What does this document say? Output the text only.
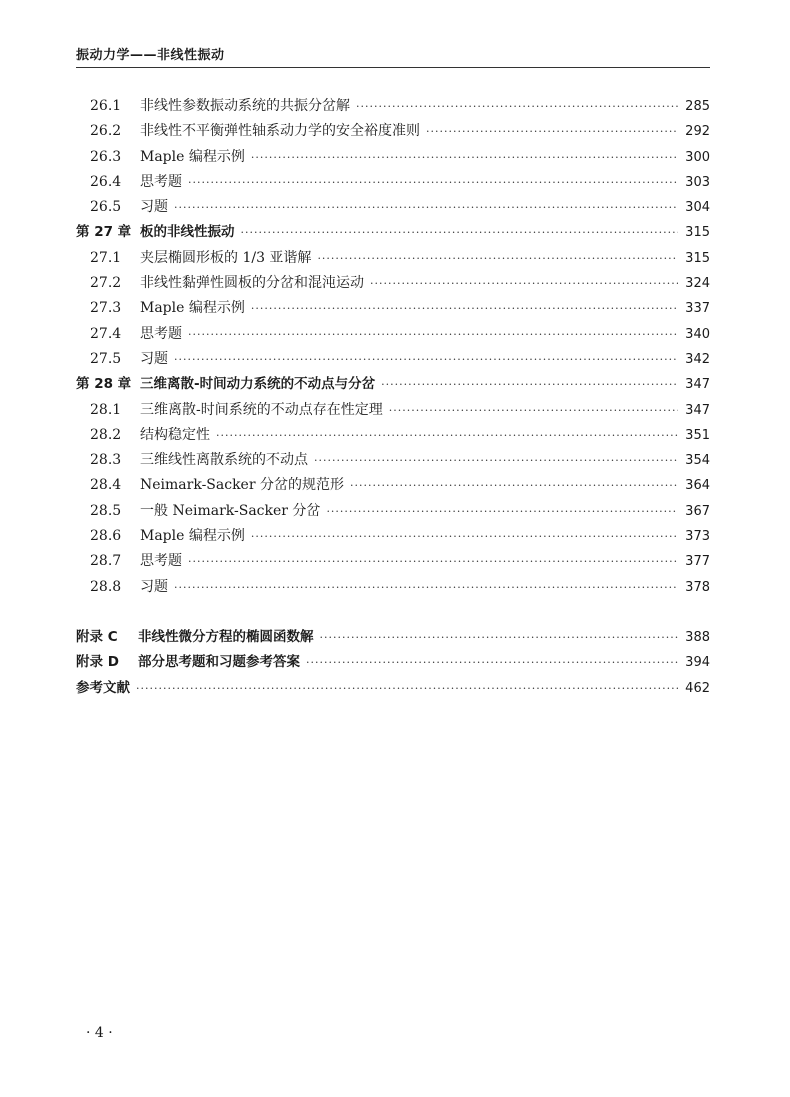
振动力学——非线性振动
26.1	非线性参数振动系统的共振分岔解 ·····	285
26.2	非线性不平衡弹性轴系动力学的安全裕度准则 ·····	292
26.3	Maple 编程示例 ·····	300
26.4	思考题 ·····	303
26.5	习题 ·····	304
第 27 章 板的非线性振动 ·····	315
27.1	夹层椭圆形板的 1/3 亚谐解 ·····	315
27.2	非线性黏弹性圆板的分岔和混沌运动 ·····	324
27.3	Maple 编程示例 ·····	337
27.4	思考题 ·····	340
27.5	习题 ·····	342
第 28 章 三维离散-时间动力系统的不动点与分岔 ·····	347
28.1	三维离散-时间系统的不动点存在性定理 ·····	347
28.2	结构稳定性 ·····	351
28.3	三维线性离散系统的不动点 ·····	354
28.4	Neimark-Sacker 分岔的规范形 ·····	364
28.5	一般 Neimark-Sacker 分岔 ·····	367
28.6	Maple 编程示例 ·····	373
28.7	思考题 ·····	377
28.8	习题 ·····	378
附录 C	非线性微分方程的椭圆函数解 ·····	388
附录 D	部分思考题和习题参考答案 ·····	394
参考文献 ·····	462
· 4 ·
